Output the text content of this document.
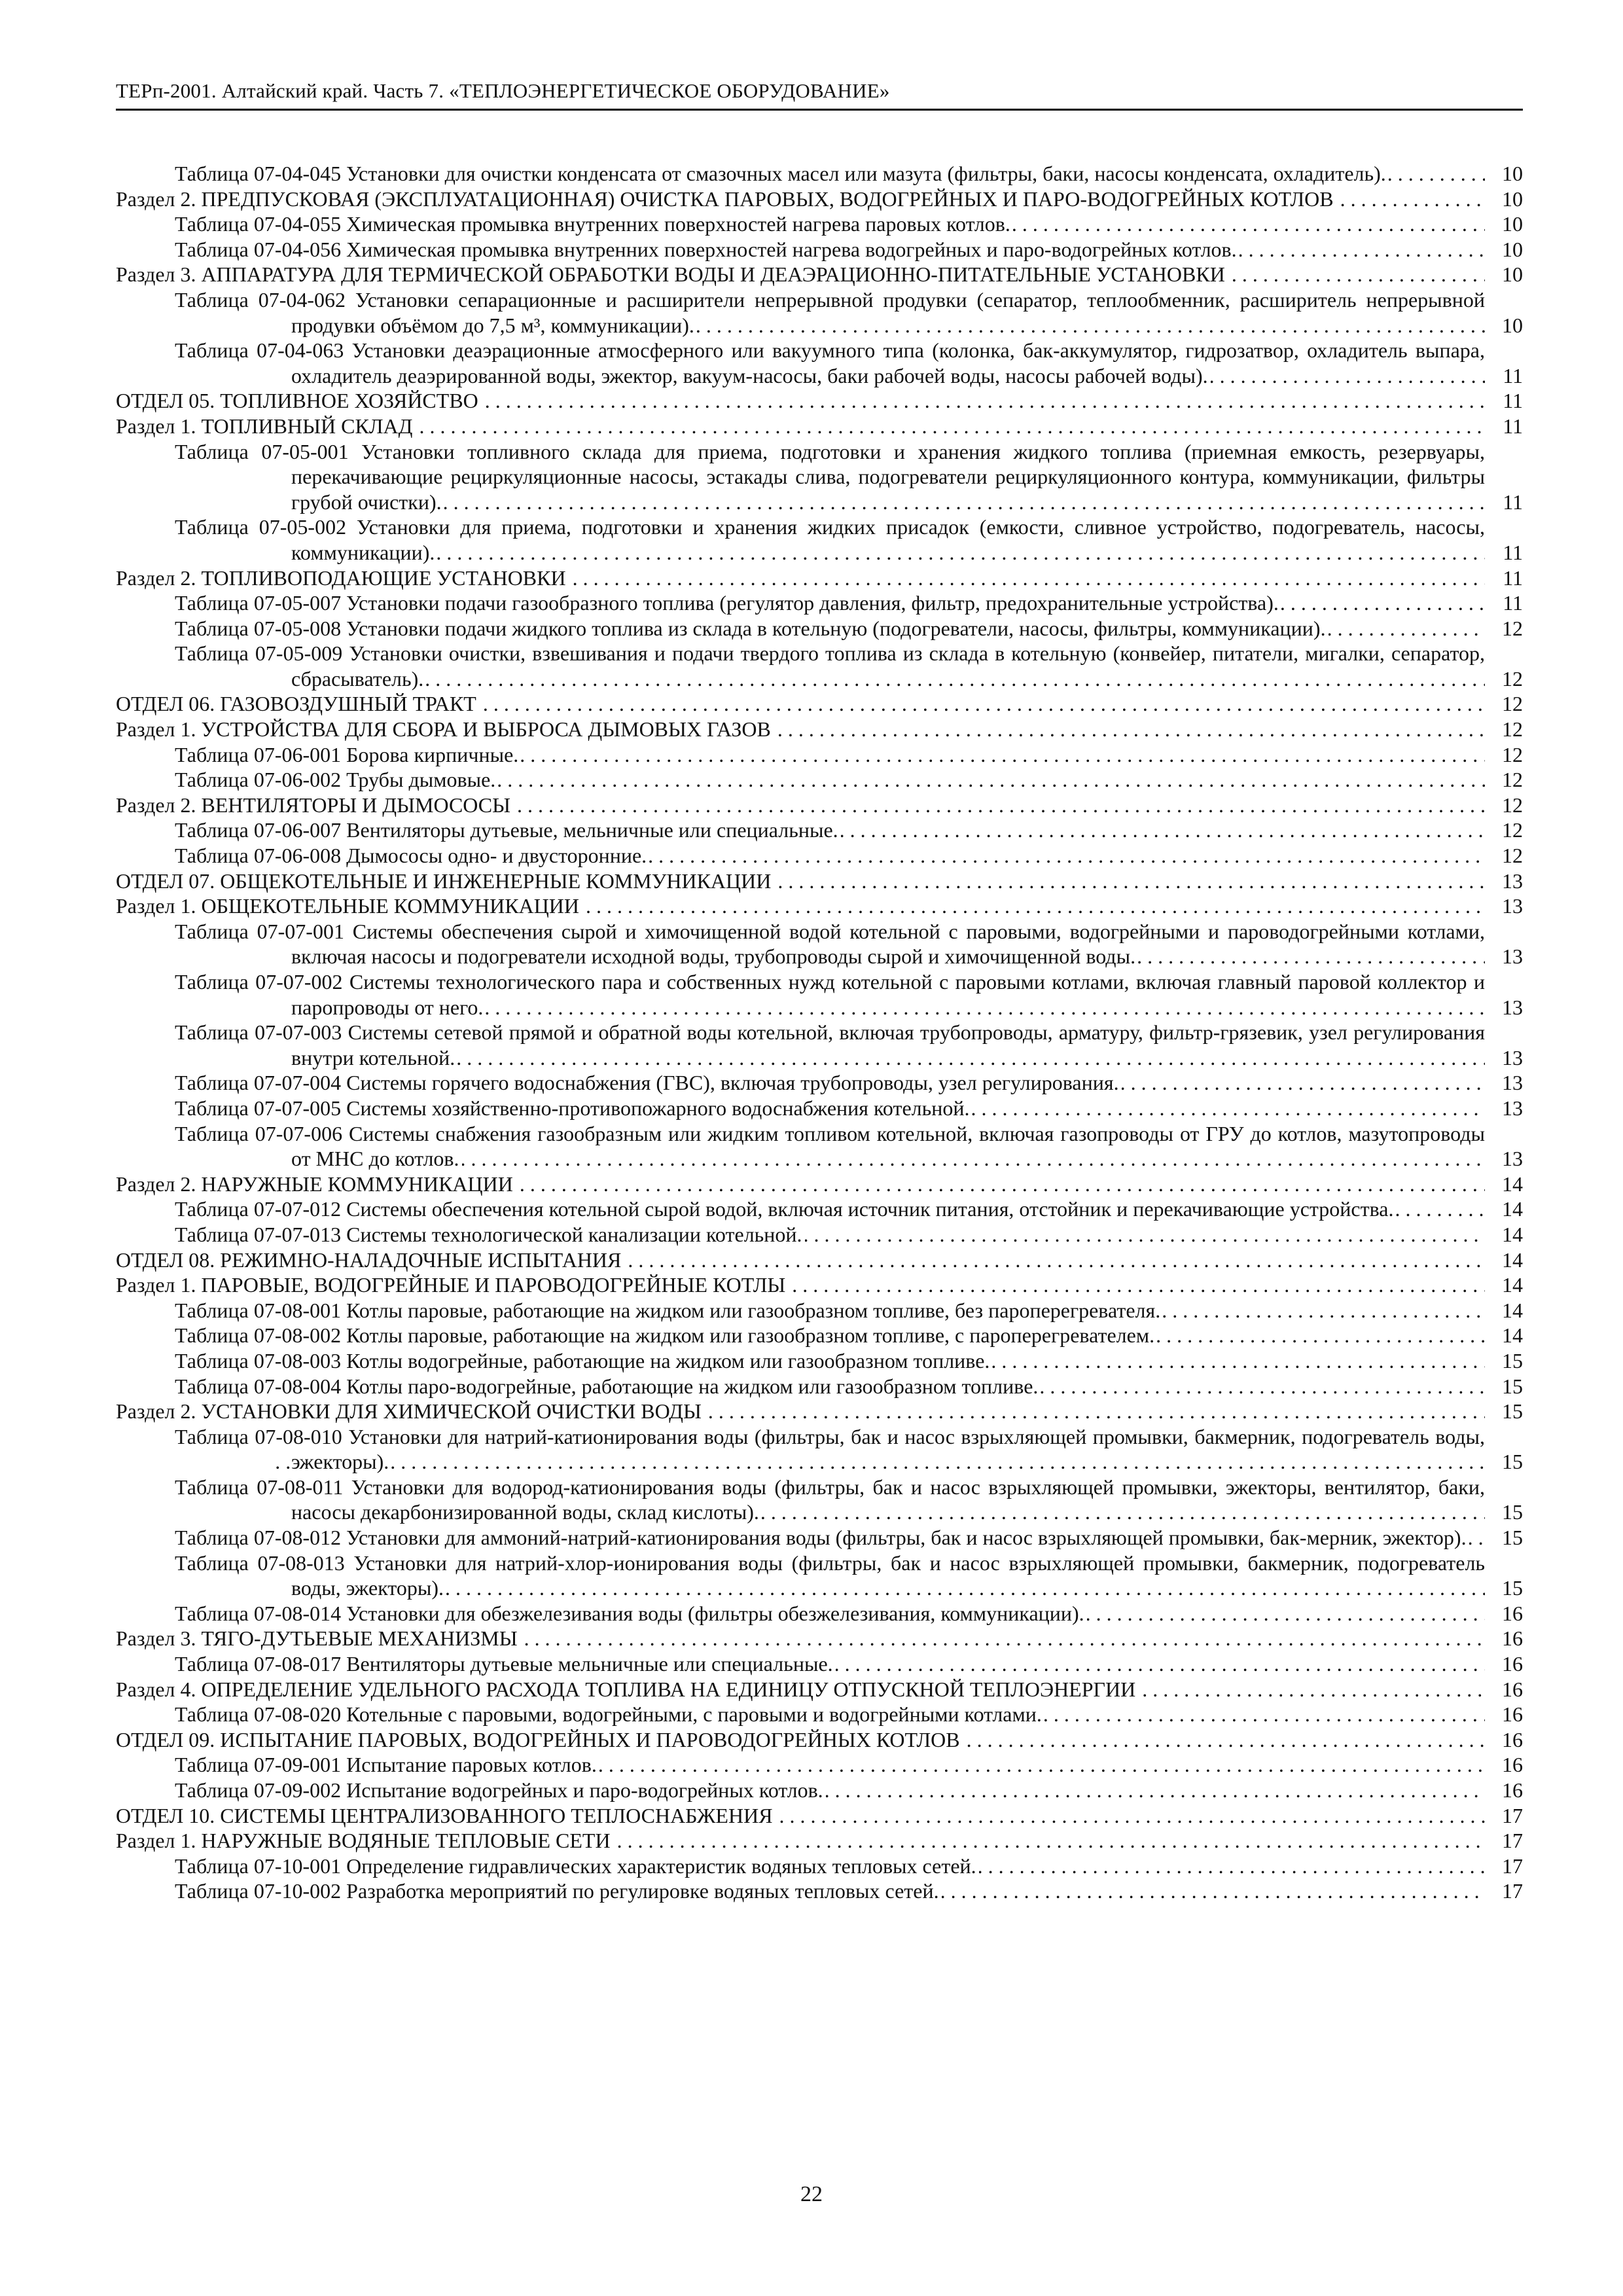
ТЕРп-2001. Алтайский край. Часть 7. «ТЕПЛОЭНЕРГЕТИЧЕСКОЕ ОБОРУДОВАНИЕ»
Таблица 07-04-045 Установки для очистки конденсата от смазочных масел или мазута (фильтры, баки, насосы конденсата, охладитель). . . .	10
Раздел 2. ПРЕДПУСКОВАЯ (ЭКСПЛУАТАЦИОННАЯ) ОЧИСТКА ПАРОВЫХ, ВОДОГРЕЙНЫХ И ПАРО-ВОДОГРЕЙНЫХ КОТЛОВ . . .	10
Таблица 07-04-055 Химическая промывка внутренних поверхностей нагрева паровых котлов. . . .	10
Таблица 07-04-056 Химическая промывка внутренних поверхностей нагрева водогрейных и паро-водогрейных котлов. . . .	10
Раздел 3. АППАРАТУРА ДЛЯ ТЕРМИЧЕСКОЙ ОБРАБОТКИ ВОДЫ И ДЕАЭРАЦИОННО-ПИТАТЕЛЬНЫЕ УСТАНОВКИ . . .	10
Таблица 07-04-062 Установки сепарационные и расширители непрерывной продувки (сепаратор, теплообменник, расширитель непрерывной продувки объёмом до 7,5 м³, коммуникации). . . .	10
Таблица 07-04-063 Установки деаэрационные атмосферного или вакуумного типа (колонка, бак-аккумулятор, гидрозатвор, охладитель выпара, охладитель деаэрированной воды, эжектор, вакуум-насосы, баки рабочей воды, насосы рабочей воды). . . .	11
ОТДЕЛ 05. ТОПЛИВНОЕ ХОЗЯЙСТВО . . .	11
Раздел 1. ТОПЛИВНЫЙ СКЛАД . . .	11
Таблица 07-05-001 Установки топливного склада для приема, подготовки и хранения жидкого топлива (приемная емкость, резервуары, перекачивающие рециркуляционные насосы, эстакады слива, подогреватели рециркуляционного контура, коммуникации, фильтры грубой очистки). . . .	11
Таблица 07-05-002 Установки для приема, подготовки и хранения жидких присадок (емкости, сливное устройство, подогреватель, насосы, коммуникации). . . .	11
Раздел 2. ТОПЛИВОПОДАЮЩИЕ УСТАНОВКИ . . .	11
Таблица 07-05-007 Установки подачи газообразного топлива (регулятор давления, фильтр, предохранительные устройства). . . .	11
Таблица 07-05-008 Установки подачи жидкого топлива из склада в котельную (подогреватели, насосы, фильтры, коммуникации). . . .	12
Таблица 07-05-009 Установки очистки, взвешивания и подачи твердого топлива из склада в котельную (конвейер, питатели, мигалки, сепаратор, сбрасыватель). . . .	12
ОТДЕЛ 06. ГАЗОВОЗДУШНЫЙ ТРАКТ . . .	12
Раздел 1. УСТРОЙСТВА ДЛЯ СБОРА И ВЫБРОСА ДЫМОВЫХ ГАЗОВ . . .	12
Таблица 07-06-001 Борова кирпичные. . . .	12
Таблица 07-06-002 Трубы дымовые. . . .	12
Раздел 2. ВЕНТИЛЯТОРЫ И ДЫМОСОСЫ . . .	12
Таблица 07-06-007 Вентиляторы дутьевые, мельничные или специальные. . . .	12
Таблица 07-06-008 Дымососы одно- и двусторонние. . . .	12
ОТДЕЛ 07. ОБЩЕКОТЕЛЬНЫЕ И ИНЖЕНЕРНЫЕ КОММУНИКАЦИИ . . .	13
Раздел 1. ОБЩЕКОТЕЛЬНЫЕ КОММУНИКАЦИИ . . .	13
Таблица 07-07-001 Системы обеспечения сырой и химочищенной водой котельной с паровыми, водогрейными и пароводогрейными котлами, включая насосы и подогреватели исходной воды, трубопроводы сырой и химочищенной воды. . . .	13
Таблица 07-07-002 Системы технологического пара и собственных нужд котельной с паровыми котлами, включая главный паровой коллектор и паропроводы от него. . . .	13
Таблица 07-07-003 Системы сетевой прямой и обратной воды котельной, включая трубопроводы, арматуру, фильтр-грязевик, узел регулирования внутри котельной. . . .	13
Таблица 07-07-004 Системы горячего водоснабжения (ГВС), включая трубопроводы, узел регулирования. . . .	13
Таблица 07-07-005 Системы хозяйственно-противопожарного водоснабжения котельной. . . .	13
Таблица 07-07-006 Системы снабжения газообразным или жидким топливом котельной, включая газопроводы от ГРУ до котлов, мазутопроводы от МНС до котлов. . . .	13
Раздел 2. НАРУЖНЫЕ КОММУНИКАЦИИ . . .	14
Таблица 07-07-012 Системы обеспечения котельной сырой водой, включая источник питания, отстойник и перекачивающие устройства. . . .	14
Таблица 07-07-013 Системы технологической канализации котельной. . . .	14
ОТДЕЛ 08. РЕЖИМНО-НАЛАДОЧНЫЕ ИСПЫТАНИЯ . . .	14
Раздел 1. ПАРОВЫЕ, ВОДОГРЕЙНЫЕ И ПАРОВОДОГРЕЙНЫЕ КОТЛЫ . . .	14
Таблица 07-08-001 Котлы паровые, работающие на жидком или газообразном топливе, без пароперегревателя. . . .	14
Таблица 07-08-002 Котлы паровые, работающие на жидком или газообразном топливе, с пароперегревателем. . . .	14
Таблица 07-08-003 Котлы водогрейные, работающие на жидком или газообразном топливе. . . .	15
Таблица 07-08-004 Котлы паро-водогрейные, работающие на жидком или газообразном топливе. . . .	15
Раздел 2. УСТАНОВКИ ДЛЯ ХИМИЧЕСКОЙ ОЧИСТКИ ВОДЫ . . .	15
Таблица 07-08-010 Установки для натрий-катионирования воды (фильтры, бак и насос взрыхляющей промывки, бакмерник, подогреватель воды, эжекторы). . . .	15
Таблица 07-08-011 Установки для водород-катионирования воды (фильтры, бак и насос взрыхляющей промывки, эжекторы, вентилятор, баки, насосы декарбонизированной воды, склад кислоты). . . .	15
Таблица 07-08-012 Установки для аммоний-натрий-катионирования воды (фильтры, бак и насос взрыхляющей промывки, бак-мерник, эжектор). . . .	15
Таблица 07-08-013 Установки для натрий-хлор-ионирования воды (фильтры, бак и насос взрыхляющей промывки, бакмерник, подогреватель воды, эжекторы). . . .	15
Таблица 07-08-014 Установки для обезжелезивания воды (фильтры обезжелезивания, коммуникации). . . .	16
Раздел 3. ТЯГО-ДУТЬЕВЫЕ МЕХАНИЗМЫ . . .	16
Таблица 07-08-017 Вентиляторы дутьевые мельничные или специальные. . . .	16
Раздел 4. ОПРЕДЕЛЕНИЕ УДЕЛЬНОГО РАСХОДА ТОПЛИВА НА ЕДИНИЦУ ОТПУСКНОЙ ТЕПЛОЭНЕРГИИ . . .	16
Таблица 07-08-020 Котельные с паровыми, водогрейными, с паровыми и водогрейными котлами. . . .	16
ОТДЕЛ 09. ИСПЫТАНИЕ ПАРОВЫХ, ВОДОГРЕЙНЫХ И ПАРОВОДОГРЕЙНЫХ КОТЛОВ . . .	16
Таблица 07-09-001 Испытание паровых котлов. . . .	16
Таблица 07-09-002 Испытание водогрейных и паро-водогрейных котлов. . . .	16
ОТДЕЛ 10. СИСТЕМЫ ЦЕНТРАЛИЗОВАННОГО ТЕПЛОСНАБЖЕНИЯ . . .	17
Раздел 1. НАРУЖНЫЕ ВОДЯНЫЕ ТЕПЛОВЫЕ СЕТИ . . .	17
Таблица 07-10-001 Определение гидравлических характеристик водяных тепловых сетей. . . .	17
Таблица 07-10-002 Разработка мероприятий по регулировке водяных тепловых сетей. . . .	17
22
